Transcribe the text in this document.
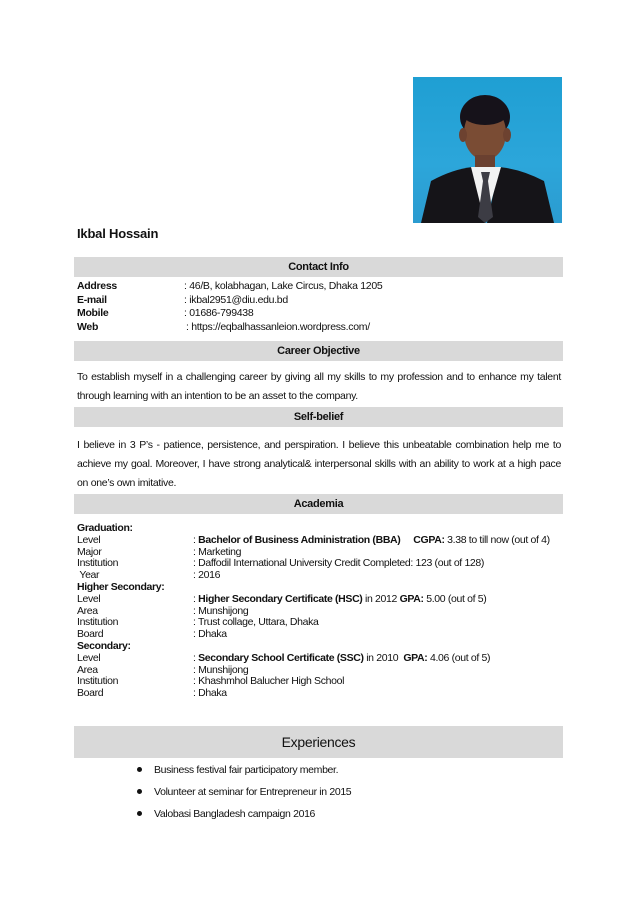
Ikbal Hossain
Contact Info
Address	: 46/B, kolabhagan, Lake Circus, Dhaka 1205
E-mail	: ikbal2951@diu.edu.bd
Mobile	: 01686-799438
Web	: https://eqbalhassanleion.wordpress.com/
Career Objective
To establish myself in a challenging career by giving all my skills to my profession and to enhance my talent through learning with an intention to be an asset to the company.
Self-belief
I believe in 3 P’s - patience, persistence, and perspiration. I believe this unbeatable combination help me to achieve my goal. Moreover, I have strong analytical& interpersonal skills with an ability to work at a high pace on one’s own imitative.
Academia
Graduation:
Level	: Bachelor of Business Administration (BBA) CGPA: 3.38 to till now (out of 4)
Major	: Marketing
Institution	: Daffodil International University Credit Completed: 123 (out of 128)
Year	: 2016
Higher Secondary:
Level	: Higher Secondary Certificate (HSC) in 2012 GPA: 5.00 (out of 5)
Area	: Munshijong
Institution	: Trust collage, Uttara, Dhaka
Board	: Dhaka
Secondary:
Level	: Secondary School Certificate (SSC) in 2010  GPA: 4.06 (out of 5)
Area	: Munshijong
Institution	: Khashmhol Balucher High School
Board	: Dhaka
Experiences
Business festival fair participatory member.
Volunteer at seminar for Entrepreneur in 2015
Valobasi Bangladesh campaign 2016
